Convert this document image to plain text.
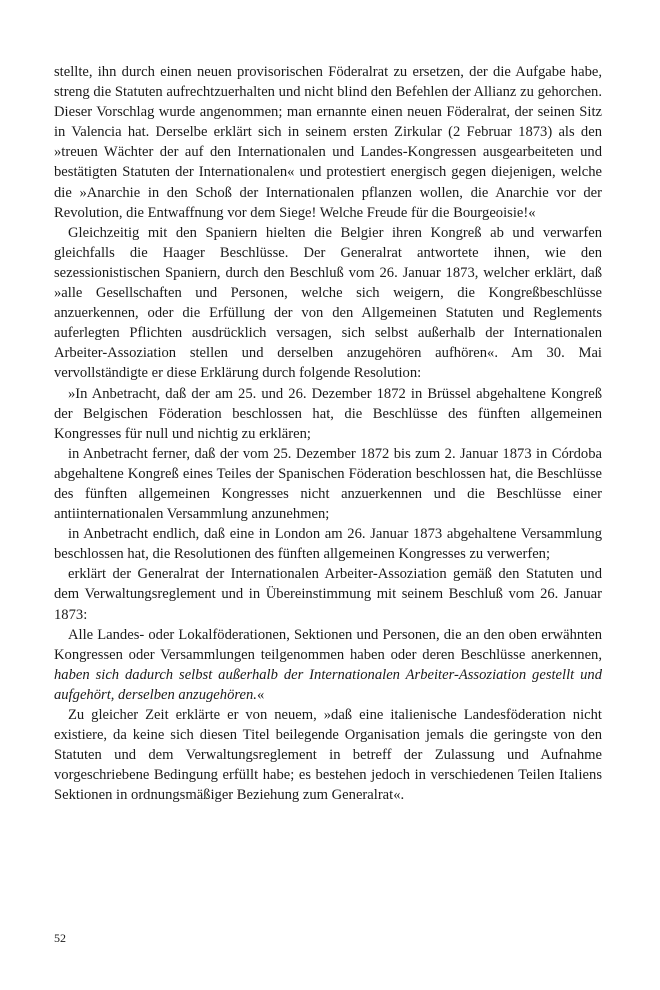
stellte, ihn durch einen neuen provisorischen Föderalrat zu ersetzen, der die Aufgabe habe, streng die Statuten aufrechtzuerhalten und nicht blind den Befehlen der Allianz zu gehorchen. Dieser Vorschlag wurde angenommen; man ernannte einen neuen Föderalrat, der seinen Sitz in Valencia hat. Derselbe erklärt sich in seinem ersten Zirkular (2 Februar 1873) als den »treuen Wächter der auf den Internationalen und Landes-Kongressen ausgearbeiteten und bestätigten Statuten der Internationalen« und protestiert energisch gegen diejenigen, welche die »Anarchie in den Schoß der Internationalen pflanzen wollen, die Anarchie vor der Revolution, die Entwaffnung vor dem Siege! Welche Freude für die Bourgeoisie!«

Gleichzeitig mit den Spaniern hielten die Belgier ihren Kongreß ab und verwarfen gleichfalls die Haager Beschlüsse. Der Generalrat antwortete ihnen, wie den sezessionistischen Spaniern, durch den Beschluß vom 26. Januar 1873, welcher erklärt, daß »alle Gesellschaften und Personen, welche sich weigern, die Kongreßbeschlüsse anzuerkennen, oder die Erfüllung der von den Allgemeinen Statuten und Reglements auferlegten Pflichten ausdrücklich versagen, sich selbst außerhalb der Internationalen Arbeiter-Assoziation stellen und derselben anzugehören aufhören«. Am 30. Mai vervollständigte er diese Erklärung durch folgende Resolution:

»In Anbetracht, daß der am 25. und 26. Dezember 1872 in Brüssel abgehaltene Kongreß der Belgischen Föderation beschlossen hat, die Beschlüsse des fünften allgemeinen Kongresses für null und nichtig zu erklären;

in Anbetracht ferner, daß der vom 25. Dezember 1872 bis zum 2. Januar 1873 in Córdoba abgehaltene Kongreß eines Teiles der Spanischen Föderation beschlossen hat, die Beschlüsse des fünften allgemeinen Kongresses nicht anzuerkennen und die Beschlüsse einer antiinternationalen Versammlung anzunehmen;

in Anbetracht endlich, daß eine in London am 26. Januar 1873 abgehaltene Versammlung beschlossen hat, die Resolutionen des fünften allgemeinen Kongresses zu verwerfen;

erklärt der Generalrat der Internationalen Arbeiter-Assoziation gemäß den Statuten und dem Verwaltungsreglement und in Übereinstimmung mit seinem Beschluß vom 26. Januar 1873:

Alle Landes- oder Lokalföderationen, Sektionen und Personen, die an den oben erwähnten Kongressen oder Versammlungen teilgenommen haben oder deren Beschlüsse anerkennen, haben sich dadurch selbst außerhalb der Internationalen Arbeiter-Assoziation gestellt und aufgehört, derselben anzugehören.«

Zu gleicher Zeit erklärte er von neuem, »daß eine italienische Landesföderation nicht existiere, da keine sich diesen Titel beilegende Organisation jemals die geringste von den Statuten und dem Verwaltungsreglement in betreff der Zulassung und Aufnahme vorgeschriebene Bedingung erfüllt habe; es bestehen jedoch in verschiedenen Teilen Italiens Sektionen in ordnungsmäßiger Beziehung zum Generalrat«.

52
